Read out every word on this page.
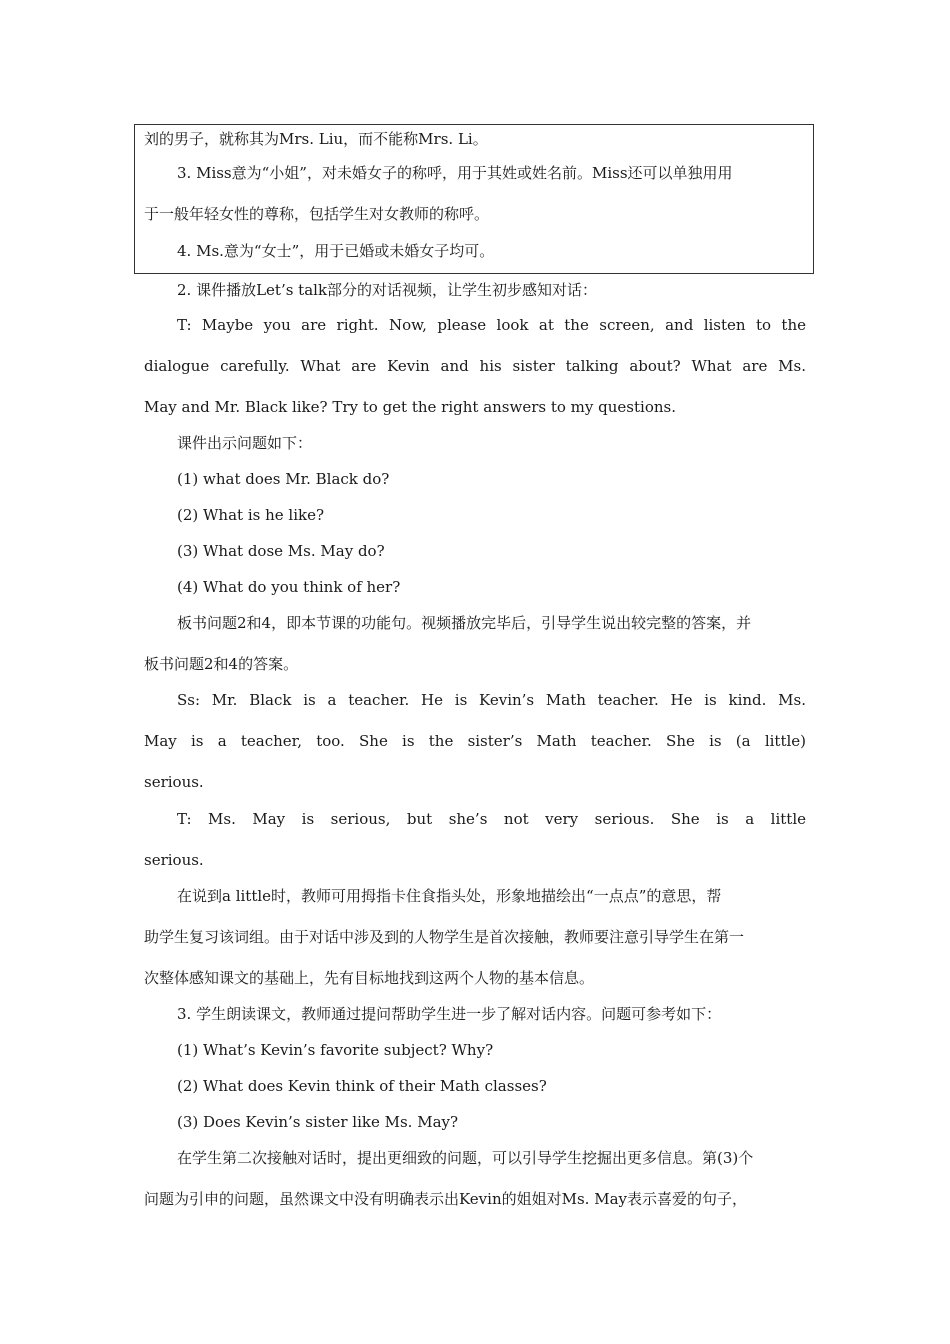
刘的男子，就称其为Mrs. Liu，而不能称Mrs. Li。
3. Miss意为“小姐”，对未婚女子的称呼，用于其姓或姓名前。Miss还可以单独用用
于一般年轻女性的尊称，包括学生对女教师的称呼。
4. Ms.意为“女士”，用于已婚或未婚女子均可。
2. 课件播放Let’s talk部分的对话视频，让学生初步感知对话：
T: Maybe you are right. Now, please look at the screen, and listen to the
dialogue carefully. What are Kevin and his sister talking about? What are Ms.
May and Mr. Black like? Try to get the right answers to my questions.
课件出示问题如下：
(1) what does Mr. Black do?
(2) What is he like?
(3) What dose Ms. May do?
(4) What do you think of her?
板书问题2和4，即本节课的功能句。视频播放完毕后，引导学生说出较完整的答案，并
板书问题2和4的答案。
Ss: Mr. Black is a teacher. He is Kevin’s Math teacher. He is kind. Ms.
May is a teacher, too. She is the sister’s Math teacher. She is (a little)
serious.
T: Ms. May is serious, but she’s not very serious. She is a little
serious.
在说到a little时，教师可用拇指卡住食指头处，形象地描绘出“一点点”的意思，帮
助学生复习该词组。由于对话中涉及到的人物学生是首次接触，教师要注意引导学生在第一
次整体感知课文的基础上，先有目标地找到这两个人物的基本信息。
3. 学生朗读课文，教师通过提问帮助学生进一步了解对话内容。问题可参考如下：
(1) What’s Kevin’s favorite subject? Why?
(2) What does Kevin think of their Math classes?
(3) Does Kevin’s sister like Ms. May?
在学生第二次接触对话时，提出更细致的问题，可以引导学生挖掘出更多信息。第(3)个
问题为引申的问题，虽然课文中没有明确表示出Kevin的姐姐对Ms. May表示喜爱的句子，
